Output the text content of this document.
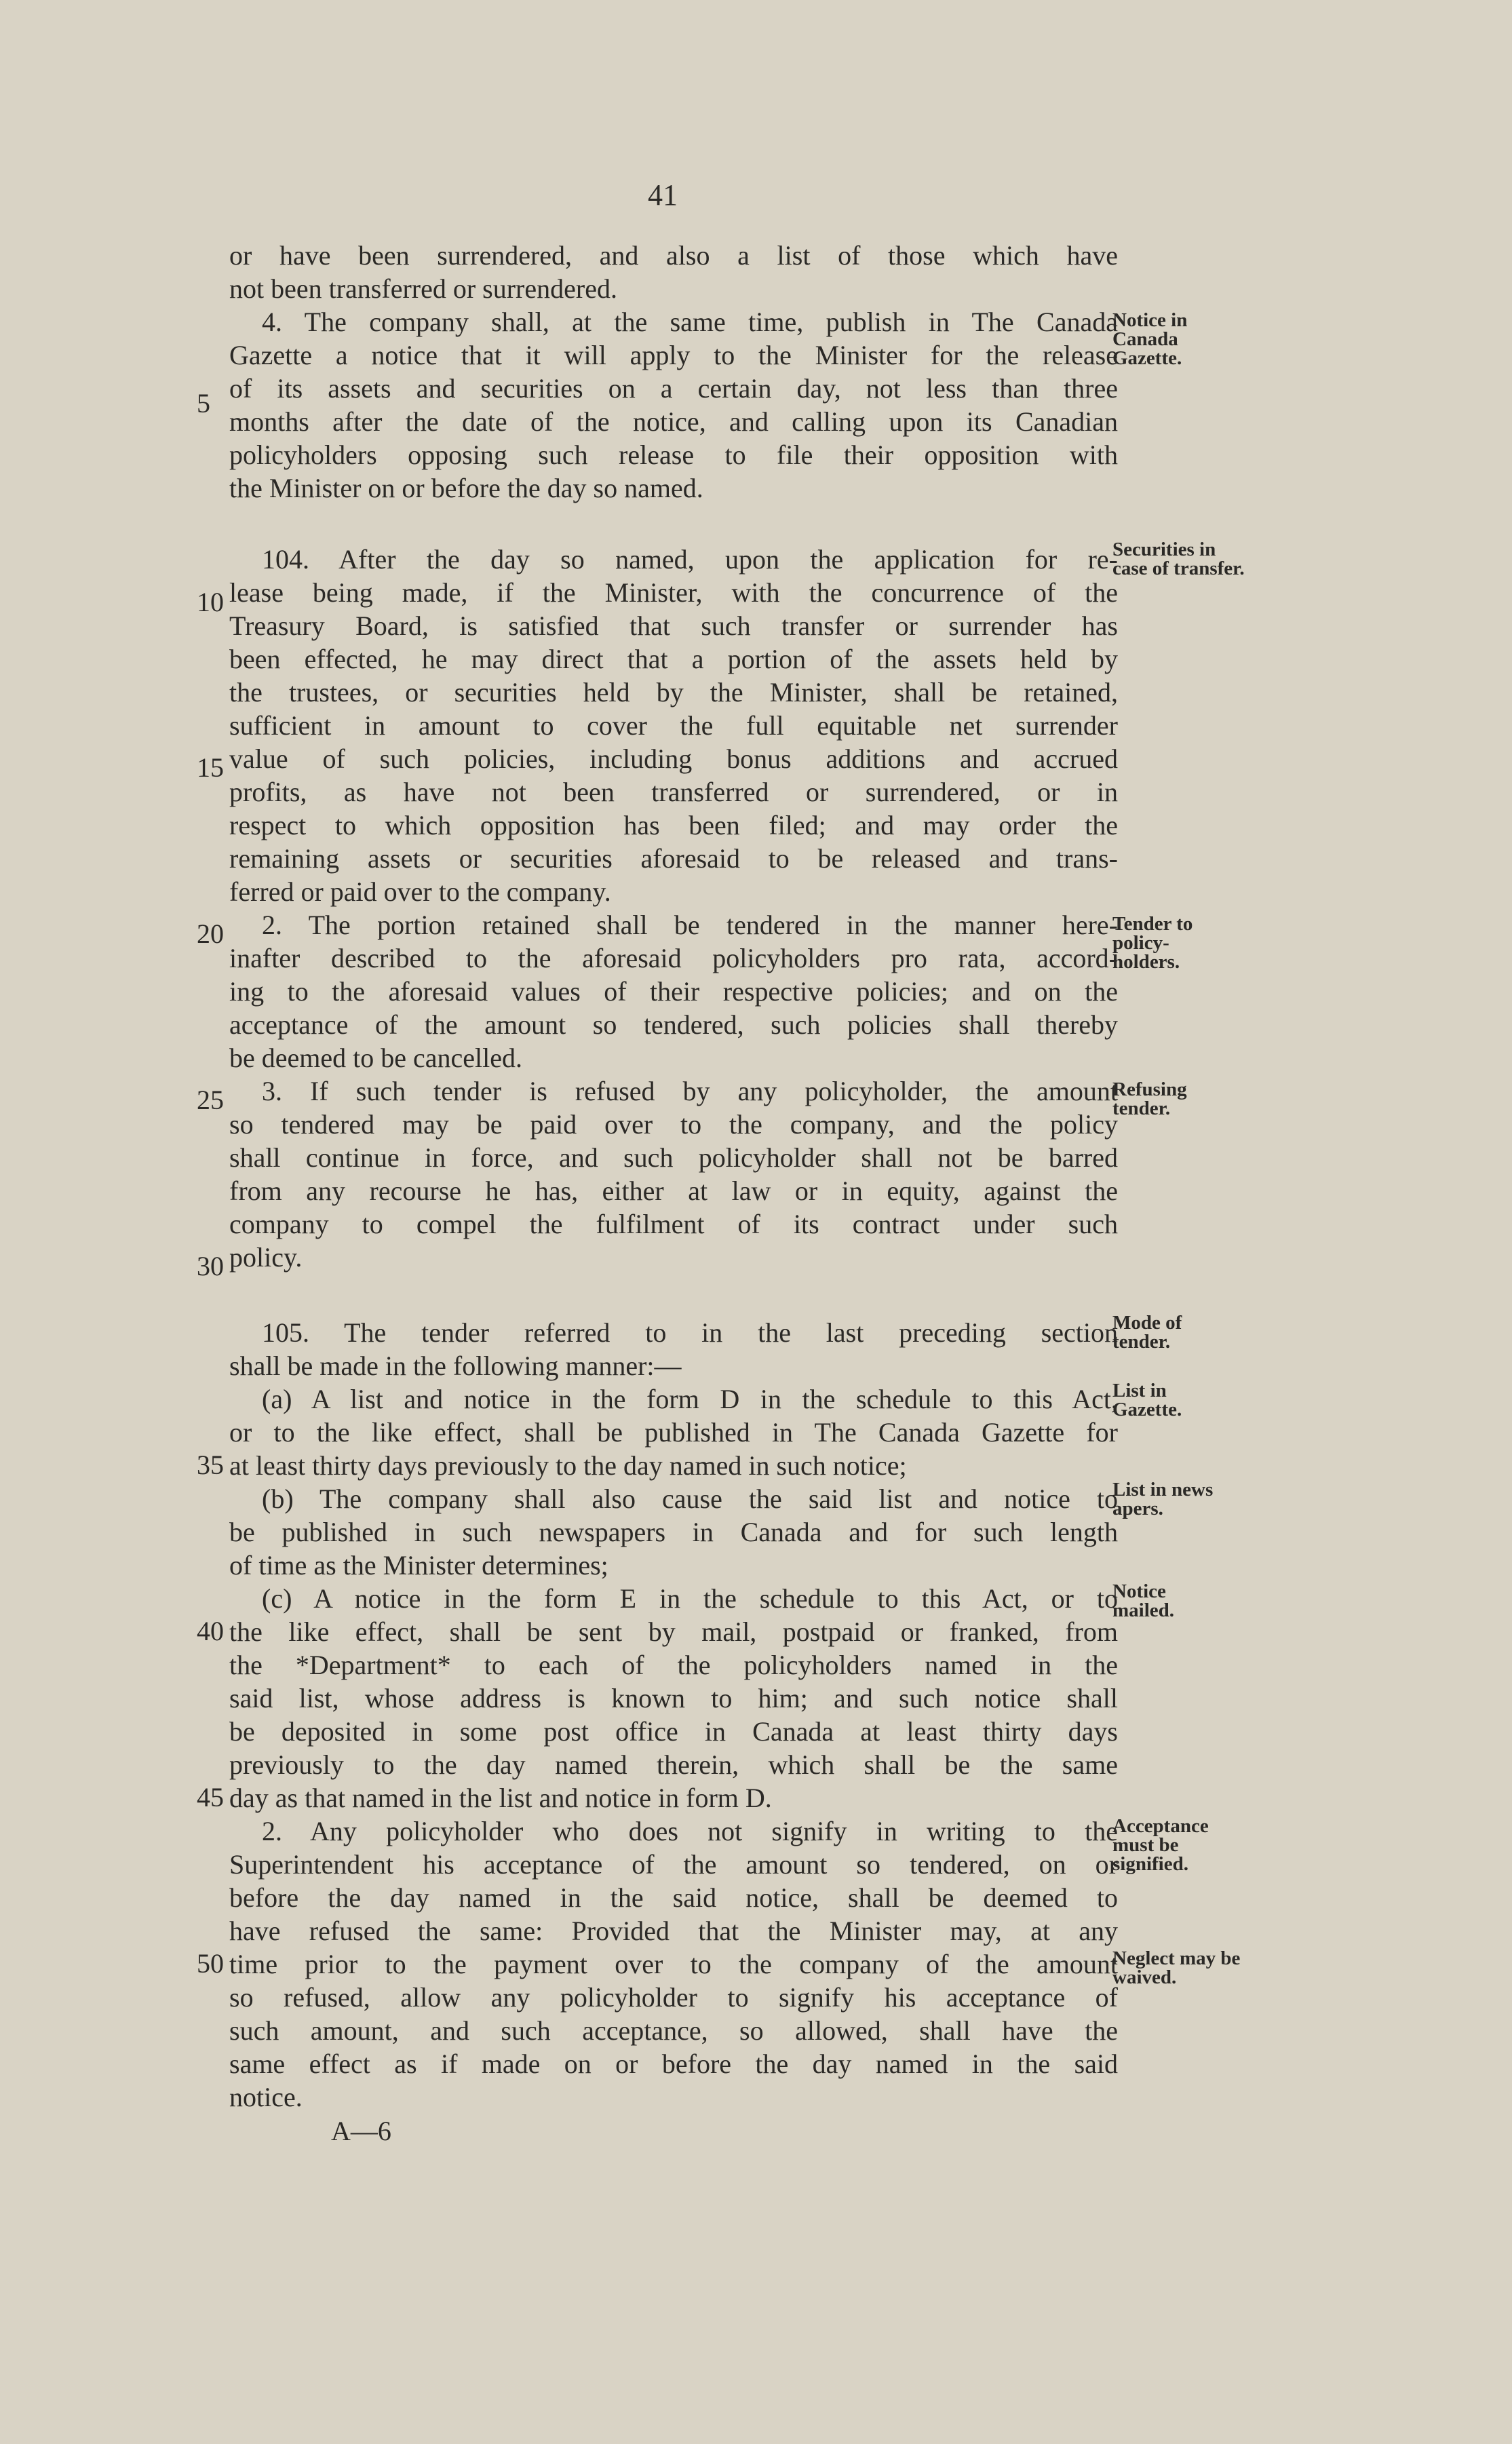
41
or have been surrendered, and also a list of those which have
not been transferred or surrendered.
4. The company shall, at the same time, publish in The Canada
Gazette a notice that it will apply to the Minister for the release
of its assets and securities on a certain day, not less than three
months after the date of the notice, and calling upon its Canadian
policyholders opposing such release to file their opposition with
the Minister on or before the day so named.
104. After the day so named, upon the application for re-
lease being made, if the Minister, with the concurrence of the
Treasury Board, is satisfied that such transfer or surrender has
been effected, he may direct that a portion of the assets held by
the trustees, or securities held by the Minister, shall be retained,
sufficient in amount to cover the full equitable net surrender
value of such policies, including bonus additions and accrued
profits, as have not been transferred or surrendered, or in
respect to which opposition has been filed; and may order the
remaining assets or securities aforesaid to be released and trans-
ferred or paid over to the company.
2. The portion retained shall be tendered in the manner here-
inafter described to the aforesaid policyholders pro rata, accord-
ing to the aforesaid values of their respective policies; and on the
acceptance of the amount so tendered, such policies shall thereby
be deemed to be cancelled.
3. If such tender is refused by any policyholder, the amount
so tendered may be paid over to the company, and the policy
shall continue in force, and such policyholder shall not be barred
from any recourse he has, either at law or in equity, against the
company to compel the fulfilment of its contract under such
policy.
105. The tender referred to in the last preceding section
shall be made in the following manner:—
(a) A list and notice in the form D in the schedule to this Act,
or to the like effect, shall be published in The Canada Gazette for
at least thirty days previously to the day named in such notice;
(b) The company shall also cause the said list and notice to
be published in such newspapers in Canada and for such length
of time as the Minister determines;
(c) A notice in the form E in the schedule to this Act, or to
the like effect, shall be sent by mail, postpaid or franked, from
the *Department* to each of the policyholders named in the
said list, whose address is known to him; and such notice shall
be deposited in some post office in Canada at least thirty days
previously to the day named therein, which shall be the same
day as that named in the list and notice in form D.
2. Any policyholder who does not signify in writing to the
Superintendent his acceptance of the amount so tendered, on or
before the day named in the said notice, shall be deemed to
have refused the same: Provided that the Minister may, at any
time prior to the payment over to the company of the amount
so refused, allow any policyholder to signify his acceptance of
such amount, and such acceptance, so allowed, shall have the
same effect as if made on or before the day named in the said
notice.
5
10
15
20
25
30
35
40
45
50
Notice in Canada Gazette.
Securities in case of transfer.
Tender to policy-holders.
Refusing tender.
Mode of tender.
List in Gazette.
List in news apers.
Notice mailed.
Acceptance must be signified.
Neglect may be waived.
A—6
